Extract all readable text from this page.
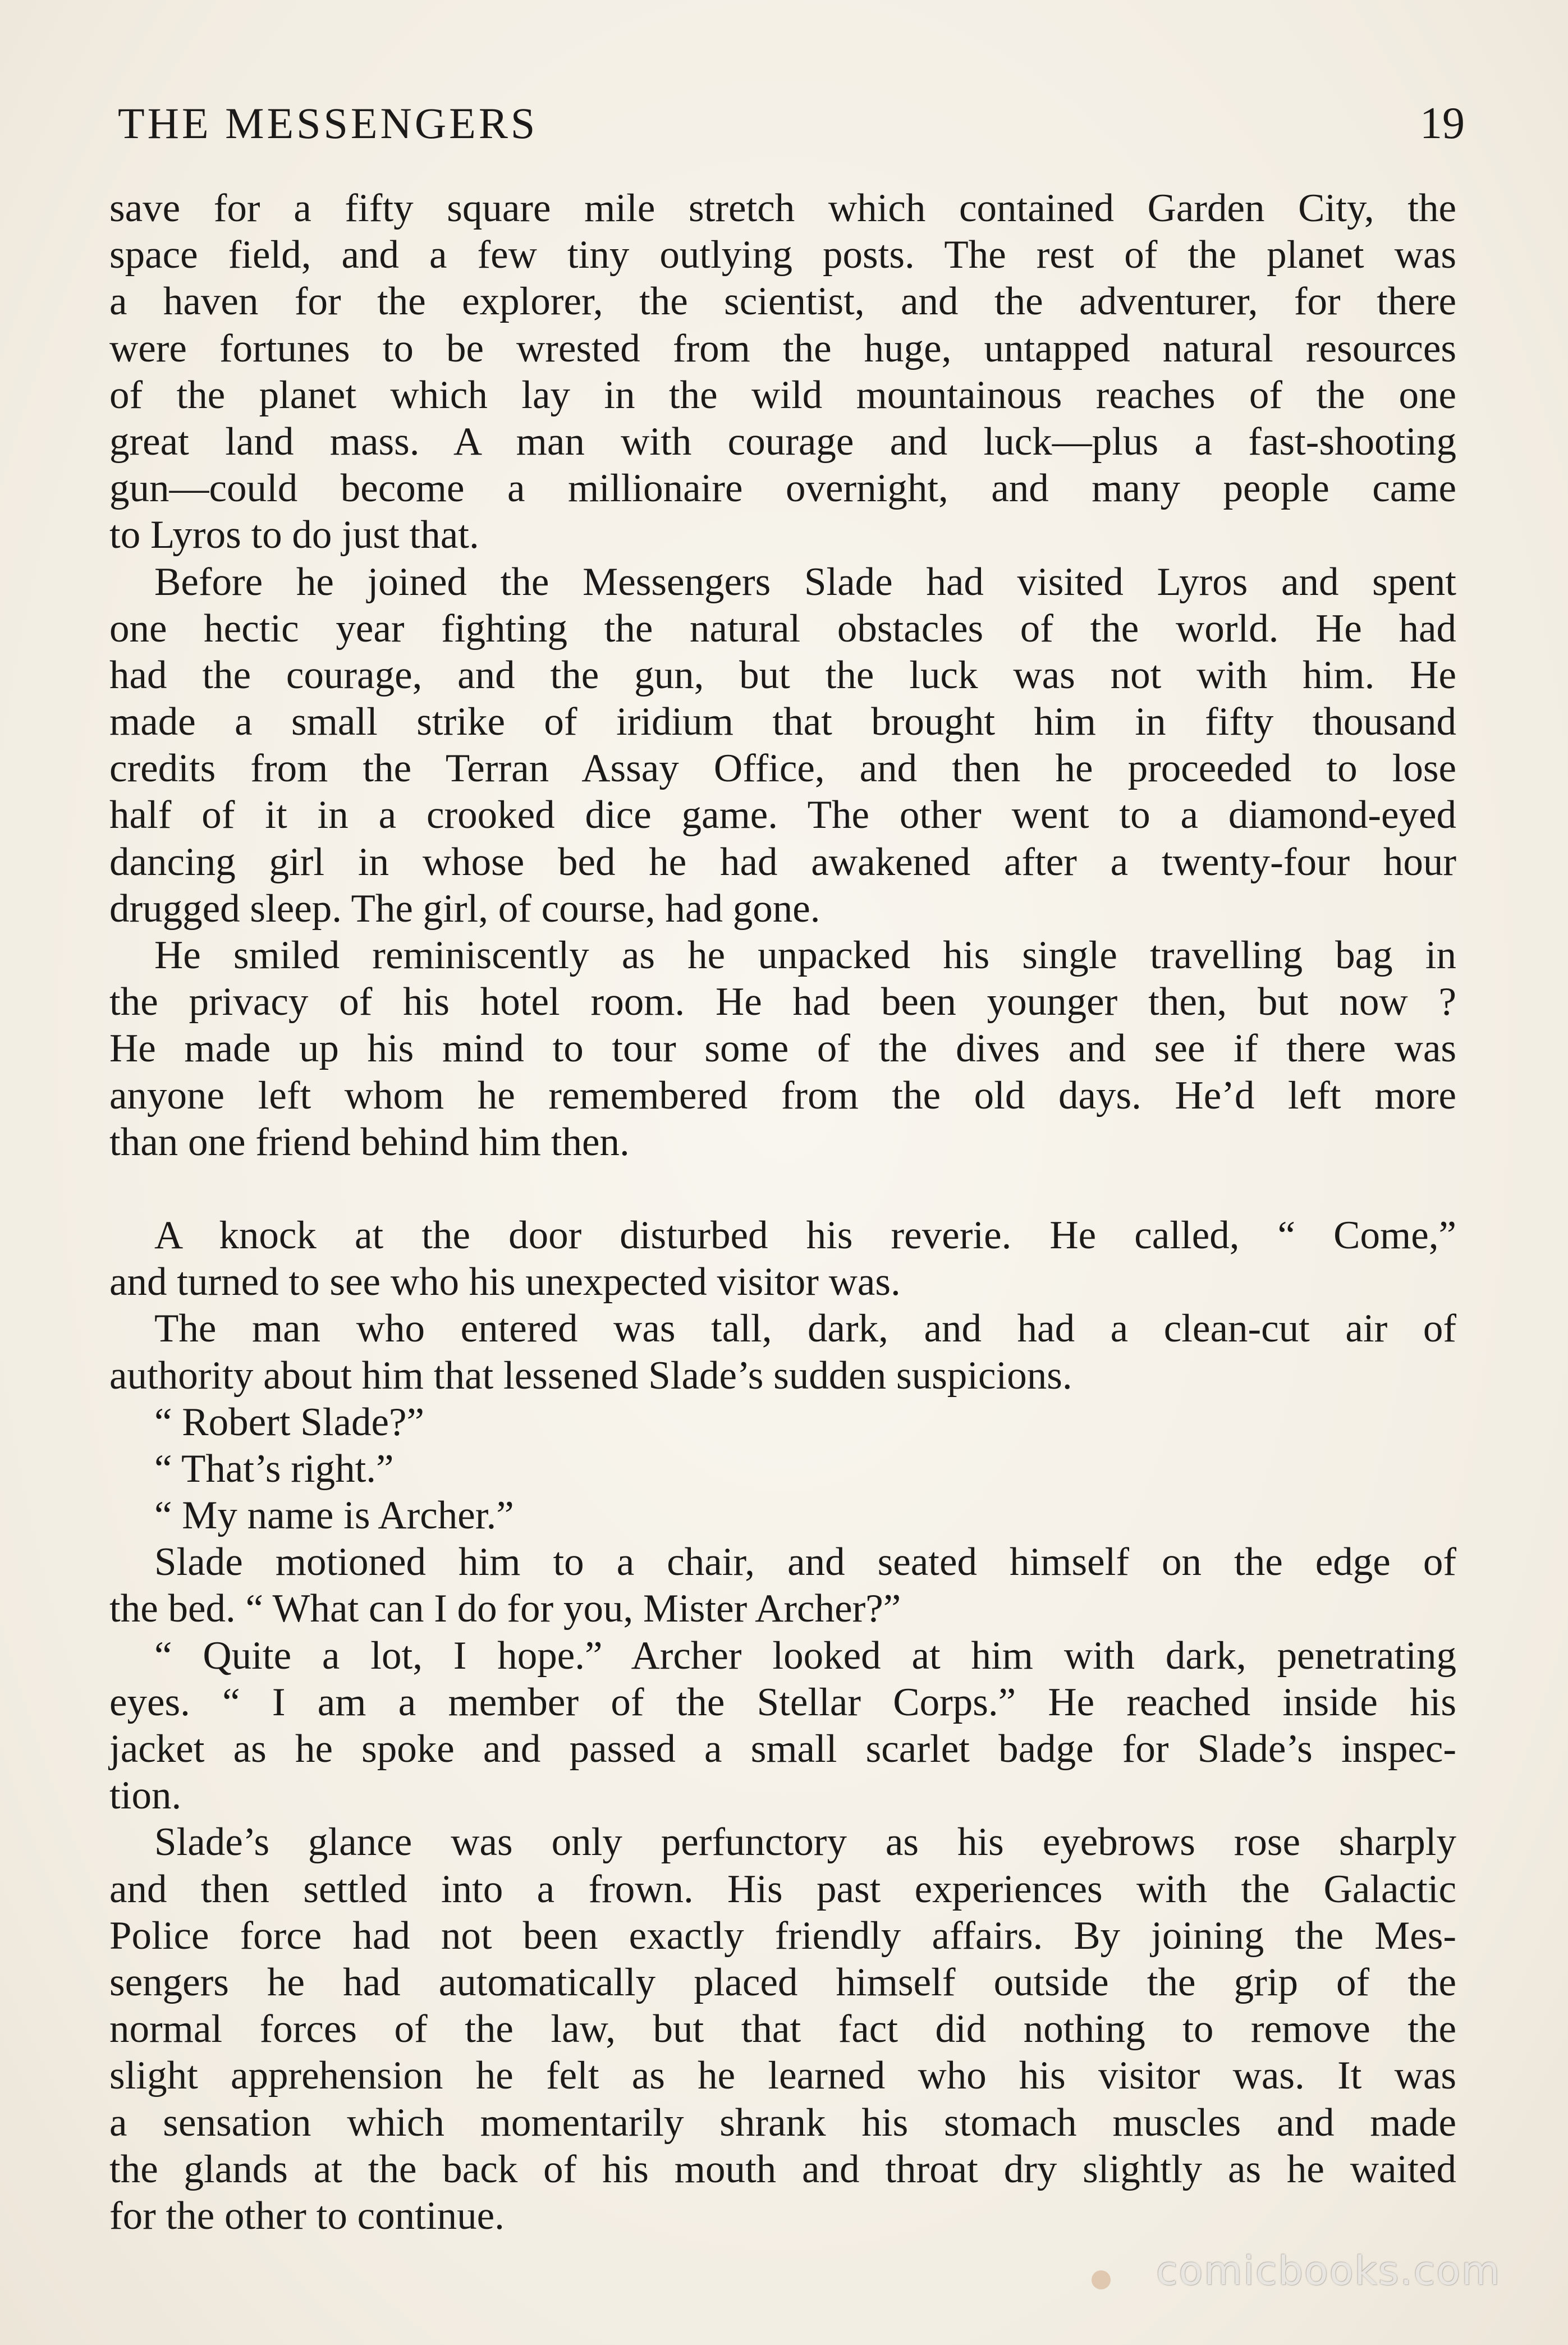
THE MESSENGERS	19
save for a fifty square mile stretch which contained Garden City, the
space field, and a few tiny outlying posts. The rest of the planet was
a haven for the explorer, the scientist, and the adventurer, for there
were fortunes to be wrested from the huge, untapped natural resources
of the planet which lay in the wild mountainous reaches of the one
great land mass. A man with courage and luck—plus a fast-shooting
gun—could become a millionaire overnight, and many people came
to Lyros to do just that.
Before he joined the Messengers Slade had visited Lyros and spent
one hectic year fighting the natural obstacles of the world. He had
had the courage, and the gun, but the luck was not with him. He
made a small strike of iridium that brought him in fifty thousand
credits from the Terran Assay Office, and then he proceeded to lose
half of it in a crooked dice game. The other went to a diamond-eyed
dancing girl in whose bed he had awakened after a twenty-four hour
drugged sleep. The girl, of course, had gone.
He smiled reminiscently as he unpacked his single travelling bag in
the privacy of his hotel room. He had been younger then, but now ?
He made up his mind to tour some of the dives and see if there was
anyone left whom he remembered from the old days. He’d left more
than one friend behind him then.
A knock at the door disturbed his reverie. He called, “ Come,”
and turned to see who his unexpected visitor was.
The man who entered was tall, dark, and had a clean-cut air of
authority about him that lessened Slade’s sudden suspicions.
“ Robert Slade?”
“ That’s right.”
“ My name is Archer.”
Slade motioned him to a chair, and seated himself on the edge of
the bed. “ What can I do for you, Mister Archer?”
“ Quite a lot, I hope.” Archer looked at him with dark, penetrating
eyes. “ I am a member of the Stellar Corps.” He reached inside his
jacket as he spoke and passed a small scarlet badge for Slade’s inspec-
tion.
Slade’s glance was only perfunctory as his eyebrows rose sharply
and then settled into a frown. His past experiences with the Galactic
Police force had not been exactly friendly affairs. By joining the Mes-
sengers he had automatically placed himself outside the grip of the
normal forces of the law, but that fact did nothing to remove the
slight apprehension he felt as he learned who his visitor was. It was
a sensation which momentarily shrank his stomach muscles and made
the glands at the back of his mouth and throat dry slightly as he waited
for the other to continue.
comicbooks.com
